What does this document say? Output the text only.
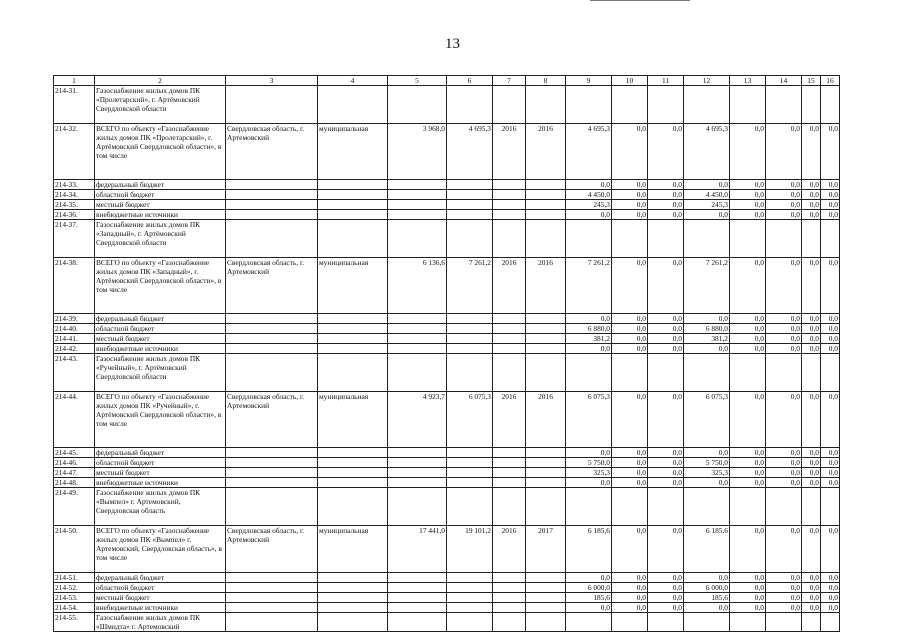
13
1	2	3	4	5	6	7	8	9	10	11	12	13	14	15	16
214-31.	Газоснабжение жилых домов ПК «Пролетарский», г. Артёмовский Свердловской области														
214-32.	ВСЕГО по объекту «Газоснабжение жилых домов ПК «Пролетарский», г. Артёмовский Свердловской области», в том числе	Свердловская область, г. Артемовский	муниципальная	3 968,0	4 695,3	2016	2016	4 695,3	0,0	0,0	4 695,3	0,0	0,0	0,0	0,0
214-33.	федеральный бюджет							0,0	0,0	0,0	0,0	0,0	0,0	0,0	0,0
214-34.	областной бюджет							4 450,0	0,0	0,0	4 450,0	0,0	0,0	0,0	0,0
214-35.	местный бюджет							245,3	0,0	0,0	245,3	0,0	0,0	0,0	0,0
214-36.	внебюджетные источники							0,0	0,0	0,0	0,0	0,0	0,0	0,0	0,0
214-37.	Газоснабжение жилых домов ПК «Западный», г. Артёмовский Свердловской области														
214-38.	ВСЕГО по объекту «Газоснабжение жилых домов ПК «Западный», г. Артёмовский Свердловской области», в том числе	Свердловская область, г. Артемовский	муниципальная	6 136,6	7 261,2	2016	2016	7 261,2	0,0	0,0	7 261,2	0,0	0,0	0,0	0,0
214-39.	федеральный бюджет							0,0	0,0	0,0	0,0	0,0	0,0	0,0	0,0
214-40.	областной бюджет							6 880,0	0,0	0,0	6 880,0	0,0	0,0	0,0	0,0
214-41.	местный бюджет							381,2	0,0	0,0	381,2	0,0	0,0	0,0	0,0
214-42.	внебюджетные источники							0,0	0,0	0,0	0,0	0,0	0,0	0,0	0,0
214-43.	Газоснабжение жилых домов ПК «Ручейный», г. Артёмовский Свердловской области														
214-44.	ВСЕГО по объекту «Газоснабжение жилых домов ПК «Ручейный», г. Артёмовский Свердловской области», в том числе	Свердловская область, г. Артемовский	муниципальная	4 923,7	6 075,3	2016	2016	6 075,3	0,0	0,0	6 075,3	0,0	0,0	0,0	0,0
214-45.	федеральный бюджет							0,0	0,0	0,0	0,0	0,0	0,0	0,0	0,0
214-46.	областной бюджет							5 750,0	0,0	0,0	5 750,0	0,0	0,0	0,0	0,0
214-47.	местный бюджет							325,3	0,0	0,0	325,3	0,0	0,0	0,0	0,0
214-48.	внебюджетные источники							0,0	0,0	0,0	0,0	0,0	0,0	0,0	0,0
214-49.	Газоснабжение жилых домов ПК «Вымпел» г. Артемовский, Свердловская область														
214-50.	ВСЕГО по объекту «Газоснабжение жилых домов ПК «Вымпел» г. Артемовский, Свердловская область», в том числе	Свердловская область, г. Артемовский	муниципальная	17 441,0	19 101,2	2016	2017	6 185,6	0,0	0,0	6 185,6	0,0	0,0	0,0	0,0
214-51.	федеральный бюджет							0,0	0,0	0,0	0,0	0,0	0,0	0,0	0,0
214-52.	областной бюджет							6 000,0	0,0	0,0	6 000,0	0,0	0,0	0,0	0,0
214-53.	местный бюджет							185,6	0,0	0,0	185,6	0,0	0,0	0,0	0,0
214-54.	внебюджетные источники							0,0	0,0	0,0	0,0	0,0	0,0	0,0	0,0
214-55.	Газоснабжение жилых домов ПК «Шмидта» г. Артемовский														
